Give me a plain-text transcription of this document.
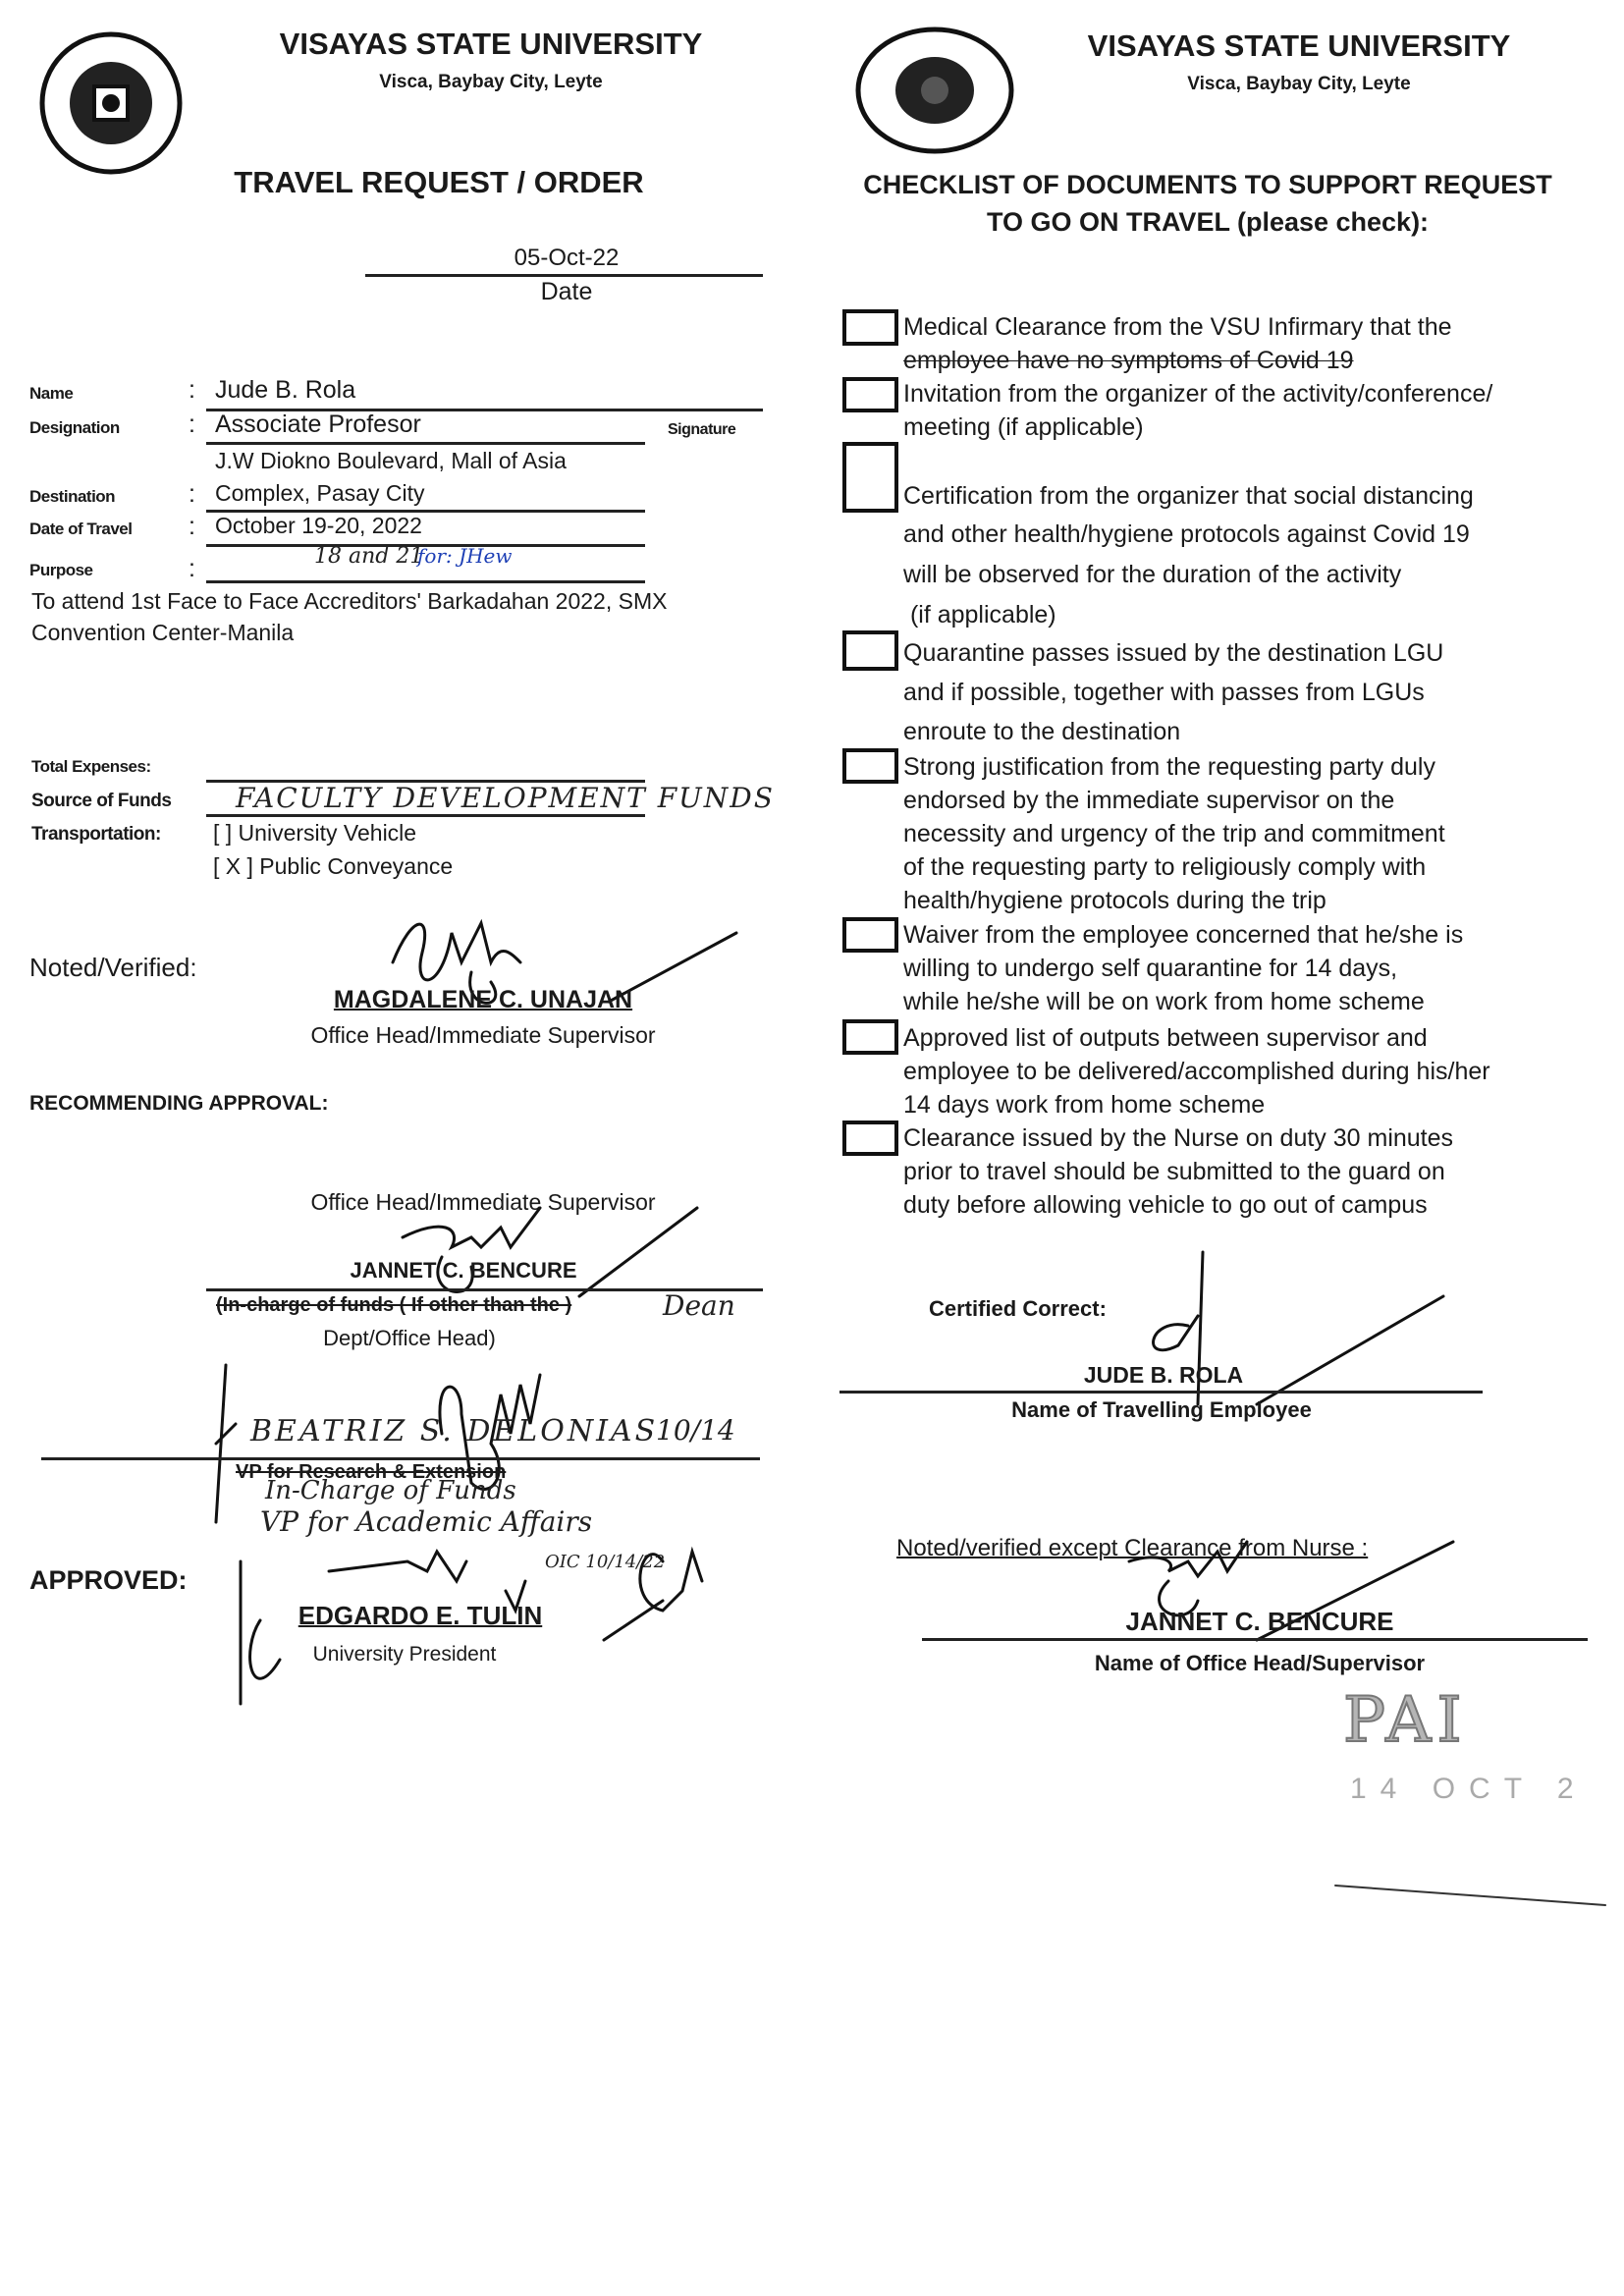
VISAYAS STATE UNIVERSITY
Visca, Baybay City, Leyte
TRAVEL REQUEST / ORDER
05-Oct-22
Date
Name	: Jude B. Rola
Signature
Designation	: Associate Profesor
J.W Diokno Boulevard, Mall of Asia
Destination	: Complex, Pasay City
Date of Travel : October 19-20, 2022
18 and 21
for: JHew
Purpose	:
To attend 1st Face to Face Accreditors' Barkadahan 2022, SMX
Convention Center-Manila
Total Expenses:
Source of Funds FACULTY DEVELOPMENT FUNDS
Transportation: [ ] University Vehicle
[ X ] Public Conveyance
Noted/Verified:
MAGDALENE C. UNAJAN
Office Head/Immediate Supervisor
RECOMMENDING APPROVAL:
Office Head/Immediate Supervisor
JANNET C. BENCURE
(In-charge of funds ( If other than the )	Dean
Dept/Office Head)
BEATRIZ S. DELONIAS
10/14
VP for Research & Extension
In-Charge of Funds
VP for Academic Affairs
APPROVED:
OIC 10/14/22
EDGARDO E. TULIN
University President
VISAYAS STATE UNIVERSITY
Visca, Baybay City, Leyte
CHECKLIST OF DOCUMENTS TO SUPPORT REQUEST
TO GO ON TRAVEL (please check):
Medical Clearance from the VSU Infirmary that the
employee have no symptoms of Covid 19
Invitation from the organizer of the activity/conference/
meeting (if applicable)
Certification from the organizer that social distancing
and other health/hygiene protocols against Covid 19
will be observed for the duration of the activity
(if applicable)
Quarantine passes issued by the destination LGU
and if possible, together with passes from LGUs
enroute to the destination
Strong justification from the requesting party duly
endorsed by the immediate supervisor on the
necessity and urgency of the trip and commitment
of the requesting party to religiously comply with
health/hygiene protocols during the trip
Waiver from the employee concerned that he/she is
willing to undergo self quarantine for 14 days,
while he/she will be on work from home scheme
Approved list of outputs between supervisor and
employee to be delivered/accomplished during his/her
14 days work from home scheme
Clearance issued by the Nurse on duty 30 minutes
prior to travel should be submitted to the guard on
duty before allowing vehicle to go out of campus
Certified Correct:
JUDE B. ROLA
Name of Travelling Employee
Noted/verified except Clearance from Nurse :
JANNET C. BENCURE
Name of Office Head/Supervisor
PAI
14 OCT 2
